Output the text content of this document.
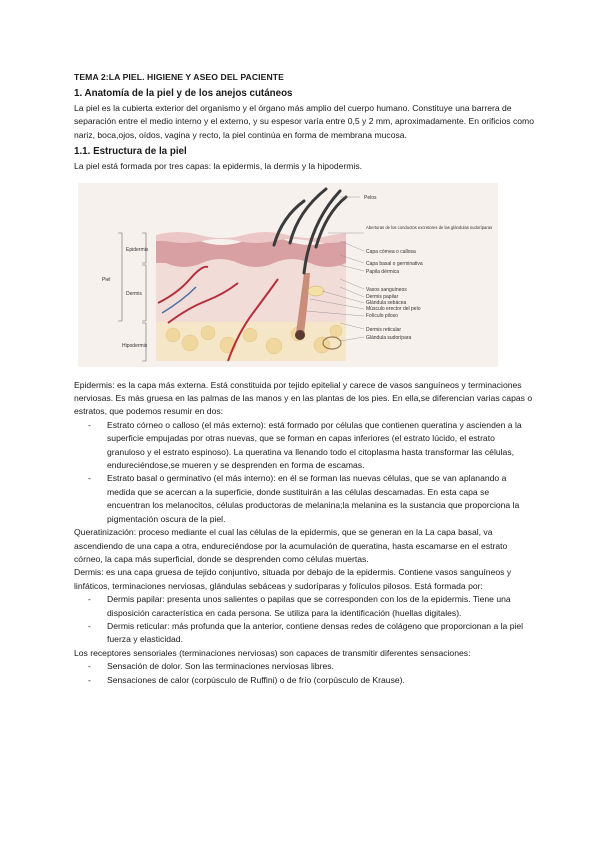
TEMA 2:LA PIEL. HIGIENE Y ASEO DEL PACIENTE
1. Anatomía de la piel y de los anejos cutáneos

La piel es la cubierta exterior del organismo y el órgano más amplio del cuerpo humano. Constituye una barrera de separación entre el medio interno y el externo, y su espesor varía entre 0,5 y 2 mm, aproximadamente. En orificios como nariz, boca,ojos, oídos, vagina y recto, la piel continúa en forma de membrana mucosa.

1.1. Estructura de la piel

La piel está formada por tres capas: la epidermis, la dermis y la hipodermis.

Epidermis
Piel
Dermis
Hipodermis
Pelos
Aberturas de los conductos excretores de las glándulas sudoríparas
Capa córnea o callosa
Capa basal o germinativa
Papila dérmica
Vasos sanguíneos
Dermis papilar
Glándula sebácea
Músculo erector del pelo
Folículo piloso
Dermis reticular
Glándula sudorípara

Epidermis: es la capa más externa. Está constituida por tejido epitelial y carece de vasos sanguíneos y terminaciones nerviosas. Es más gruesa en las palmas de las manos y en las plantas de los pies. En ella,se diferencian varias capas o estratos, que podemos resumir en dos:

- Estrato córneo o calloso (el más externo): está formado por células que contienen queratina y ascienden a la superficie empujadas por otras nuevas, que se forman en capas inferiores (el estrato lúcido, el estrato granuloso y el estrato espinoso). La queratina va llenando todo el citoplasma hasta transformar las células, endureciéndose,se mueren y se desprenden en forma de escamas.
- Estrato basal o germinativo (el más interno): en él se forman las nuevas células, que se van aplanando a medida que se acercan a la superficie, donde sustituirán a las células descamadas. En esta capa se encuentran los melanocitos, células productoras de melanina;la melanina es la sustancia que proporciona la pigmentación oscura de la piel.

Queratinización: proceso mediante el cual las células de la epidermis, que se generan en la La capa basal, va ascendiendo de una capa a otra, endureciéndose por la acumulación de queratina, hasta escamarse en el estrato córneo, la capa más superficial, donde se desprenden como células muertas.

Dermis: es una capa gruesa de tejido conjuntivo, situada por debajo de la epidermis. Contiene vasos sanguíneos y linfáticos, terminaciones nerviosas, glándulas sebáceas y sudoríparas y folículos pilosos. Está formada por:

- Dermis papilar: presenta unos salientes o papilas que se corresponden con los de la epidermis. Tiene una disposición característica en cada persona. Se utiliza para la identificación (huellas digitales).
- Dermis reticular: más profunda que la anterior, contiene densas redes de colágeno que proporcionan a la piel fuerza y elasticidad.

Los receptores sensoriales (terminaciones nerviosas) son capaces de transmitir diferentes sensaciones:

- Sensación de dolor. Son las terminaciones nerviosas libres.
- Sensaciones de calor (corpúsculo de Ruffini) o de frío (corpúsculo de Krause).
